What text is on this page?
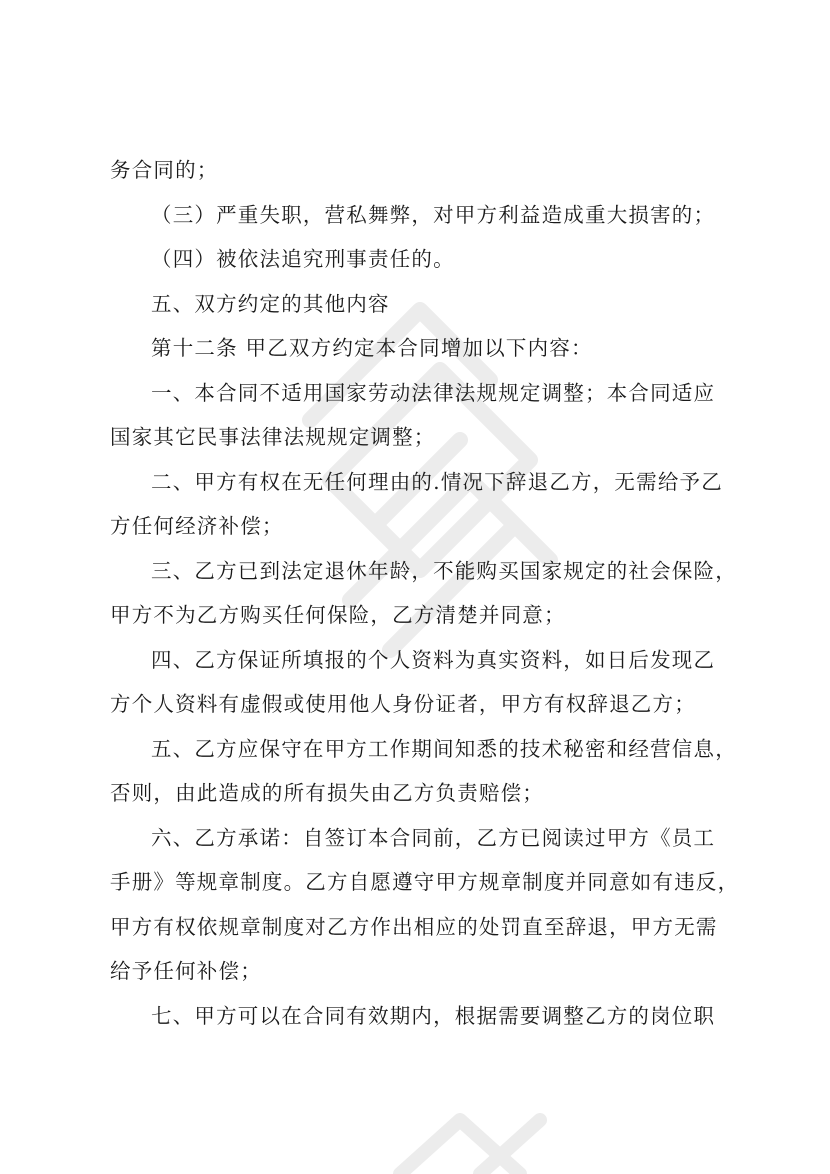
务合同的；
（三）严重失职，营私舞弊，对甲方利益造成重大损害的；
（四）被依法追究刑事责任的。
五、双方约定的其他内容
第十二条 甲乙双方约定本合同增加以下内容：
一、本合同不适用国家劳动法律法规规定调整；本合同适应
国家其它民事法律法规规定调整；
二、甲方有权在无任何理由的.情况下辞退乙方，无需给予乙
方任何经济补偿；
三、乙方已到法定退休年龄，不能购买国家规定的社会保险，
甲方不为乙方购买任何保险，乙方清楚并同意；
四、乙方保证所填报的个人资料为真实资料，如日后发现乙
方个人资料有虚假或使用他人身份证者，甲方有权辞退乙方；
五、乙方应保守在甲方工作期间知悉的技术秘密和经营信息，
否则，由此造成的所有损失由乙方负责赔偿；
六、乙方承诺：自签订本合同前，乙方已阅读过甲方《员工
手册》等规章制度。乙方自愿遵守甲方规章制度并同意如有违反，
甲方有权依规章制度对乙方作出相应的处罚直至辞退，甲方无需
给予任何补偿；
七、甲方可以在合同有效期内，根据需要调整乙方的岗位职
